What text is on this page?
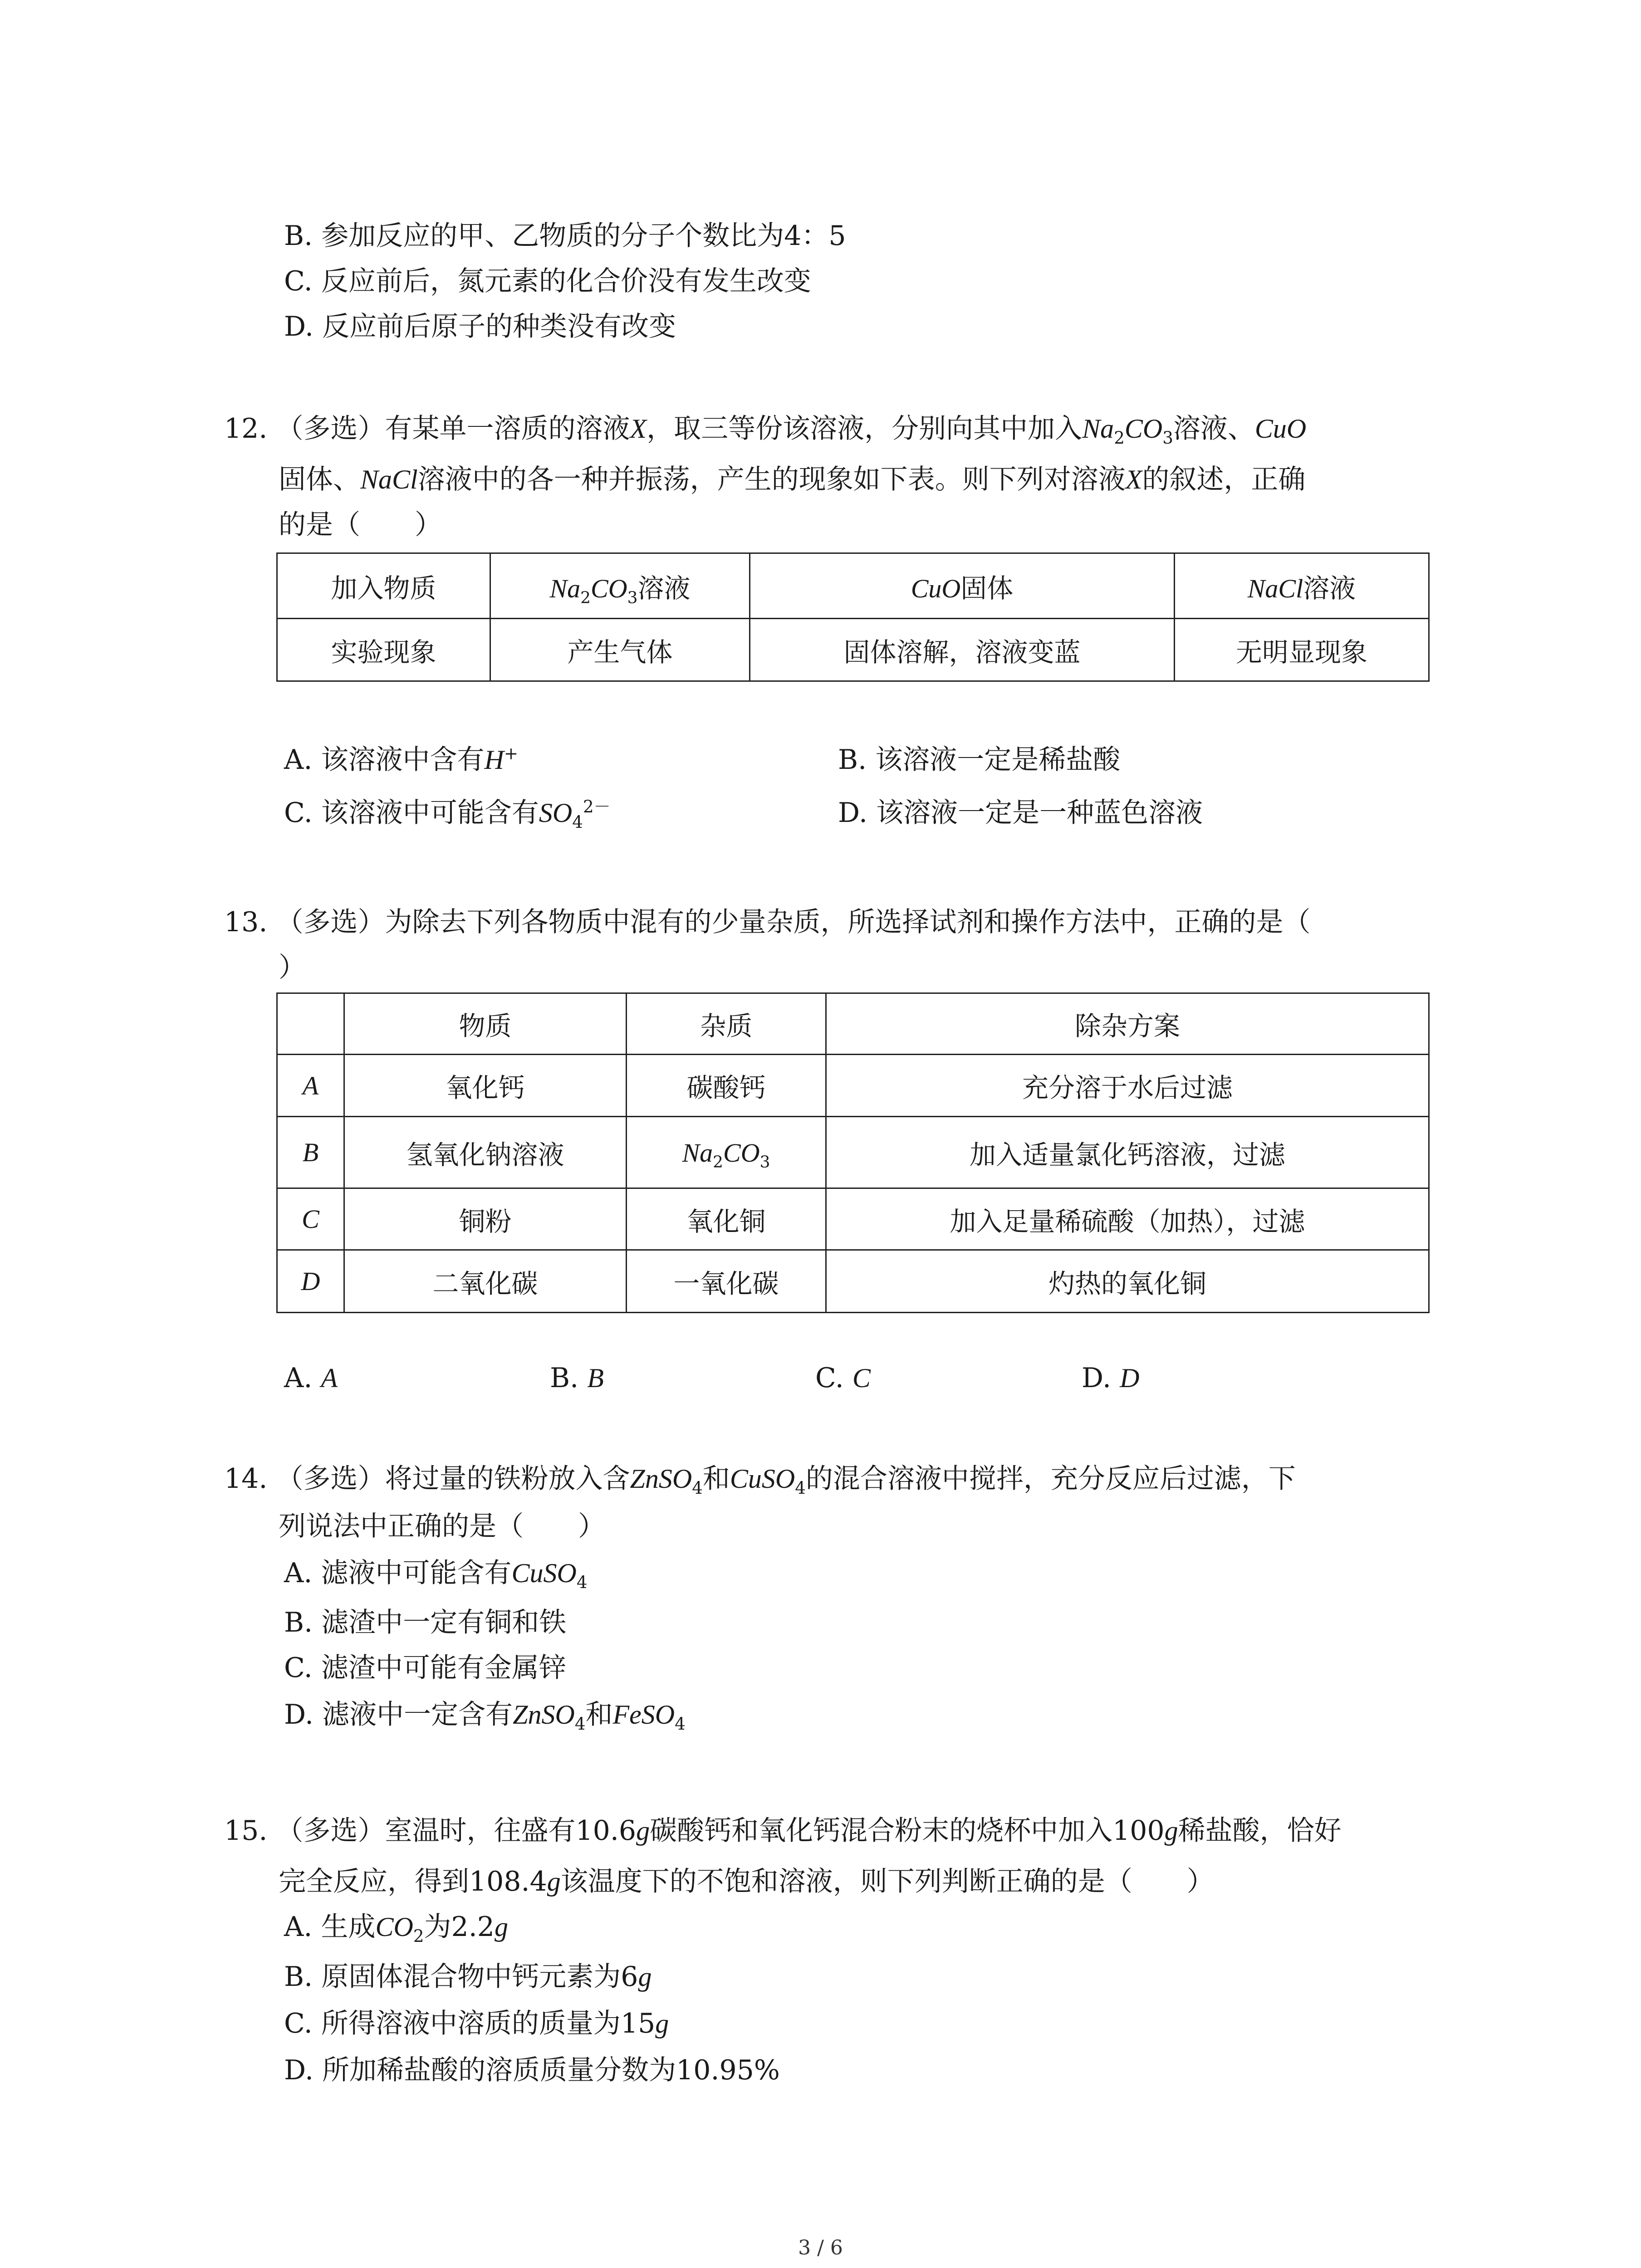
B. 参加反应的甲、乙物质的分子个数比为4：5
C. 反应前后，氮元素的化合价没有发生改变
D. 反应前后原子的种类没有改变
12. （多选）有某单一溶质的溶液X，取三等份该溶液，分别向其中加入$Na_2CO_3$溶液、CuO
固体、NaCl溶液中的各一种并振荡，产生的现象如下表。则下列对溶液X的叙述，正确
的是（　　）
加入物质	$Na_2CO_3$溶液	CuO固体	NaCl溶液
实验现象	产生气体	固体溶解，溶液变蓝	无明显现象
A. 该溶液中含有H+	B. 该溶液一定是稀盐酸
C. 该溶液中可能含有$SO_4^{2-}$	D. 该溶液一定是一种蓝色溶液
13. （多选）为除去下列各物质中混有的少量杂质，所选择试剂和操作方法中，正确的是（
）
	物质	杂质	除杂方案
A	氧化钙	碳酸钙	充分溶于水后过滤
B	氢氧化钠溶液	$Na_2CO_3$	加入适量氯化钙溶液，过滤
C	铜粉	氧化铜	加入足量稀硫酸（加热），过滤
D	二氧化碳	一氧化碳	灼热的氧化铜
A. A	B. B	C. C	D. D
14. （多选）将过量的铁粉放入含ZnSO$_4$和CuSO$_4$的混合溶液中搅拌，充分反应后过滤，下
列说法中正确的是（　　）
A. 滤液中可能含有CuSO$_4$
B. 滤渣中一定有铜和铁
C. 滤渣中可能有金属锌
D. 滤液中一定含有ZnSO$_4$和FeSO$_4$
15. （多选）室温时，往盛有10.6g碳酸钙和氧化钙混合粉末的烧杯中加入100g稀盐酸，恰好
完全反应，得到108.4g该温度下的不饱和溶液，则下列判断正确的是（　　）
A. 生成$CO_2$为2.2g
B. 原固体混合物中钙元素为6g
C. 所得溶液中溶质的质量为15g
D. 所加稀盐酸的溶质质量分数为10.95%
3 / 6
